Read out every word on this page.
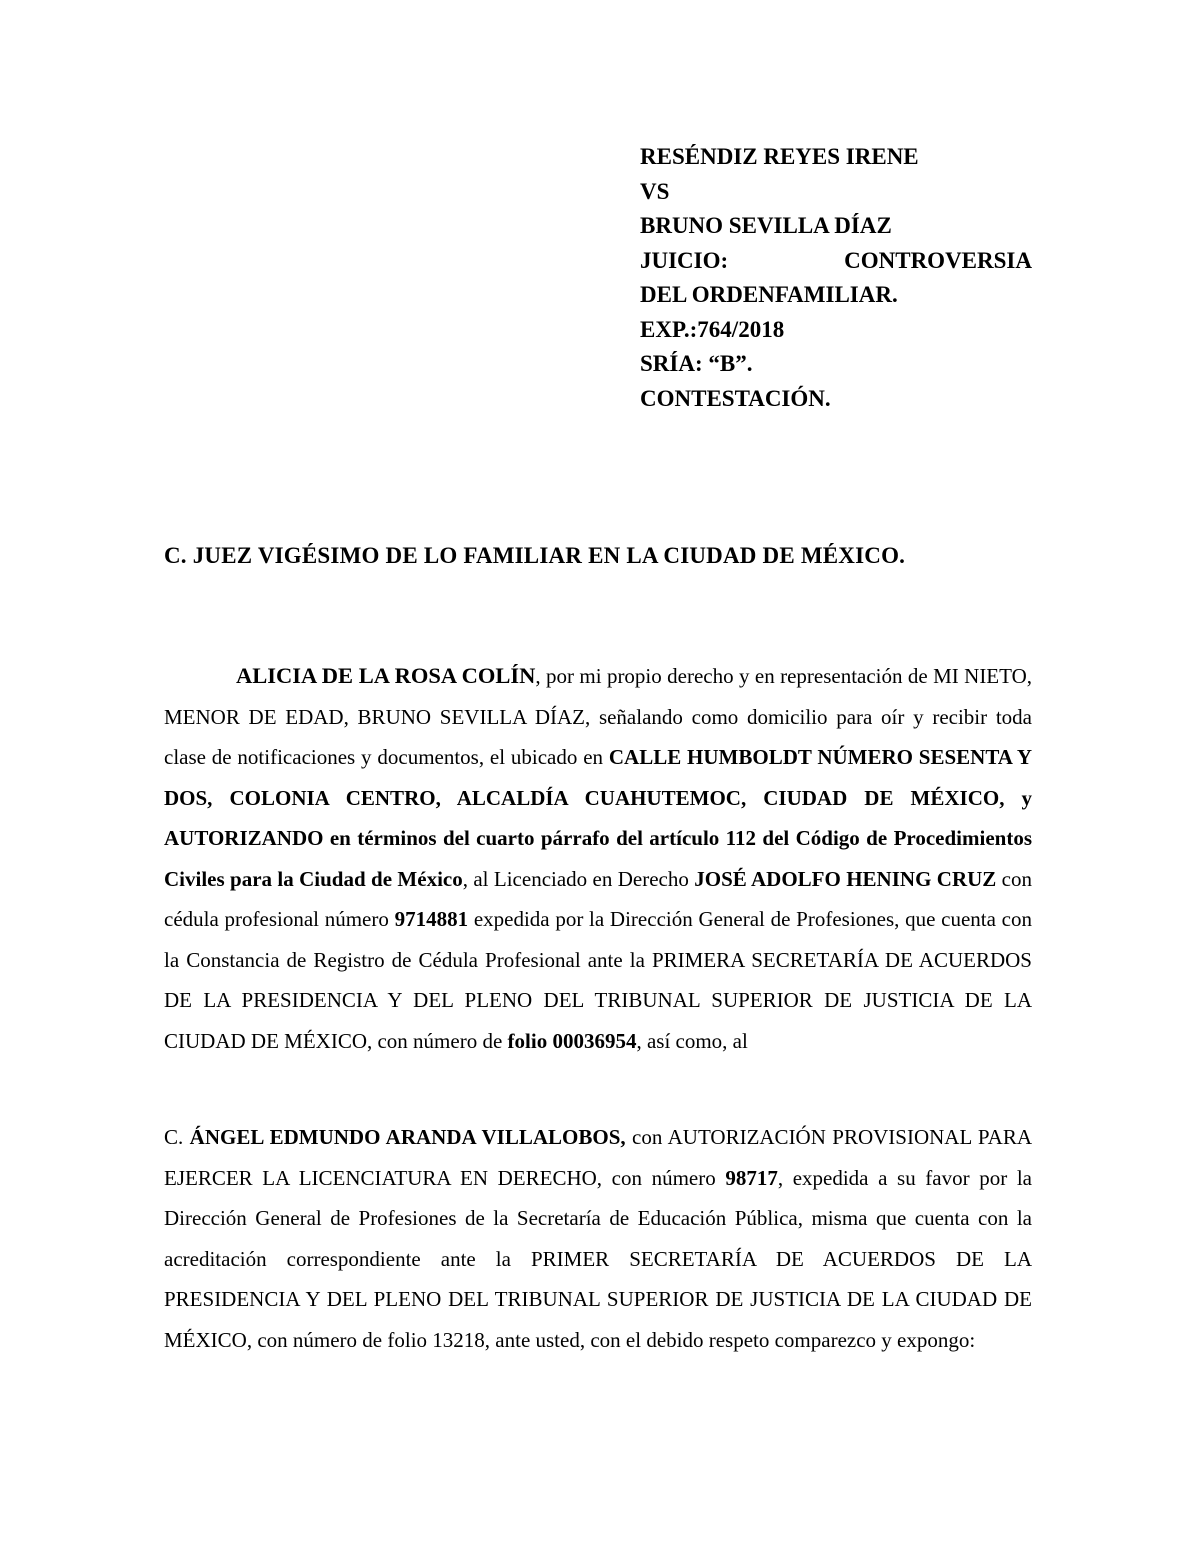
RESÉNDIZ REYES IRENE
VS
BRUNO SEVILLA DÍAZ
JUICIO:	CONTROVERSIA
DEL ORDENFAMILIAR.
EXP.:764/2018
SRÍA: “B”.
CONTESTACIÓN.
C. JUEZ VIGÉSIMO DE LO FAMILIAR EN LA CIUDAD DE MÉXICO.

ALICIA DE LA ROSA COLÍN, por mi propio derecho y en representación de MI NIETO, MENOR DE EDAD, BRUNO SEVILLA DÍAZ, señalando como domicilio para oír y recibir toda clase de notificaciones y documentos, el ubicado en CALLE HUMBOLDT NÚMERO SESENTA Y DOS, COLONIA CENTRO, ALCALDÍA CUAHUTEMOC, CIUDAD DE MÉXICO, y AUTORIZANDO en términos del cuarto párrafo del artículo 112 del Código de Procedimientos Civiles para la Ciudad de México, al Licenciado en Derecho JOSÉ ADOLFO HENING CRUZ con cédula profesional número 9714881 expedida por la Dirección General de Profesiones, que cuenta con la Constancia de Registro de Cédula Profesional ante la PRIMERA SECRETARÍA DE ACUERDOS DE LA PRESIDENCIA Y DEL PLENO DEL TRIBUNAL SUPERIOR DE JUSTICIA DE LA CIUDAD DE MÉXICO, con número de folio 00036954, así como, al

C. ÁNGEL EDMUNDO ARANDA VILLALOBOS, con AUTORIZACIÓN PROVISIONAL PARA EJERCER LA LICENCIATURA EN DERECHO, con número 98717, expedida a su favor por la Dirección General de Profesiones de la Secretaría de Educación Pública, misma que cuenta con la acreditación correspondiente ante la PRIMER SECRETARÍA DE ACUERDOS DE LA PRESIDENCIA Y DEL PLENO DEL TRIBUNAL SUPERIOR DE JUSTICIA DE LA CIUDAD DE MÉXICO, con número de folio 13218, ante usted, con el debido respeto comparezco y expongo:
